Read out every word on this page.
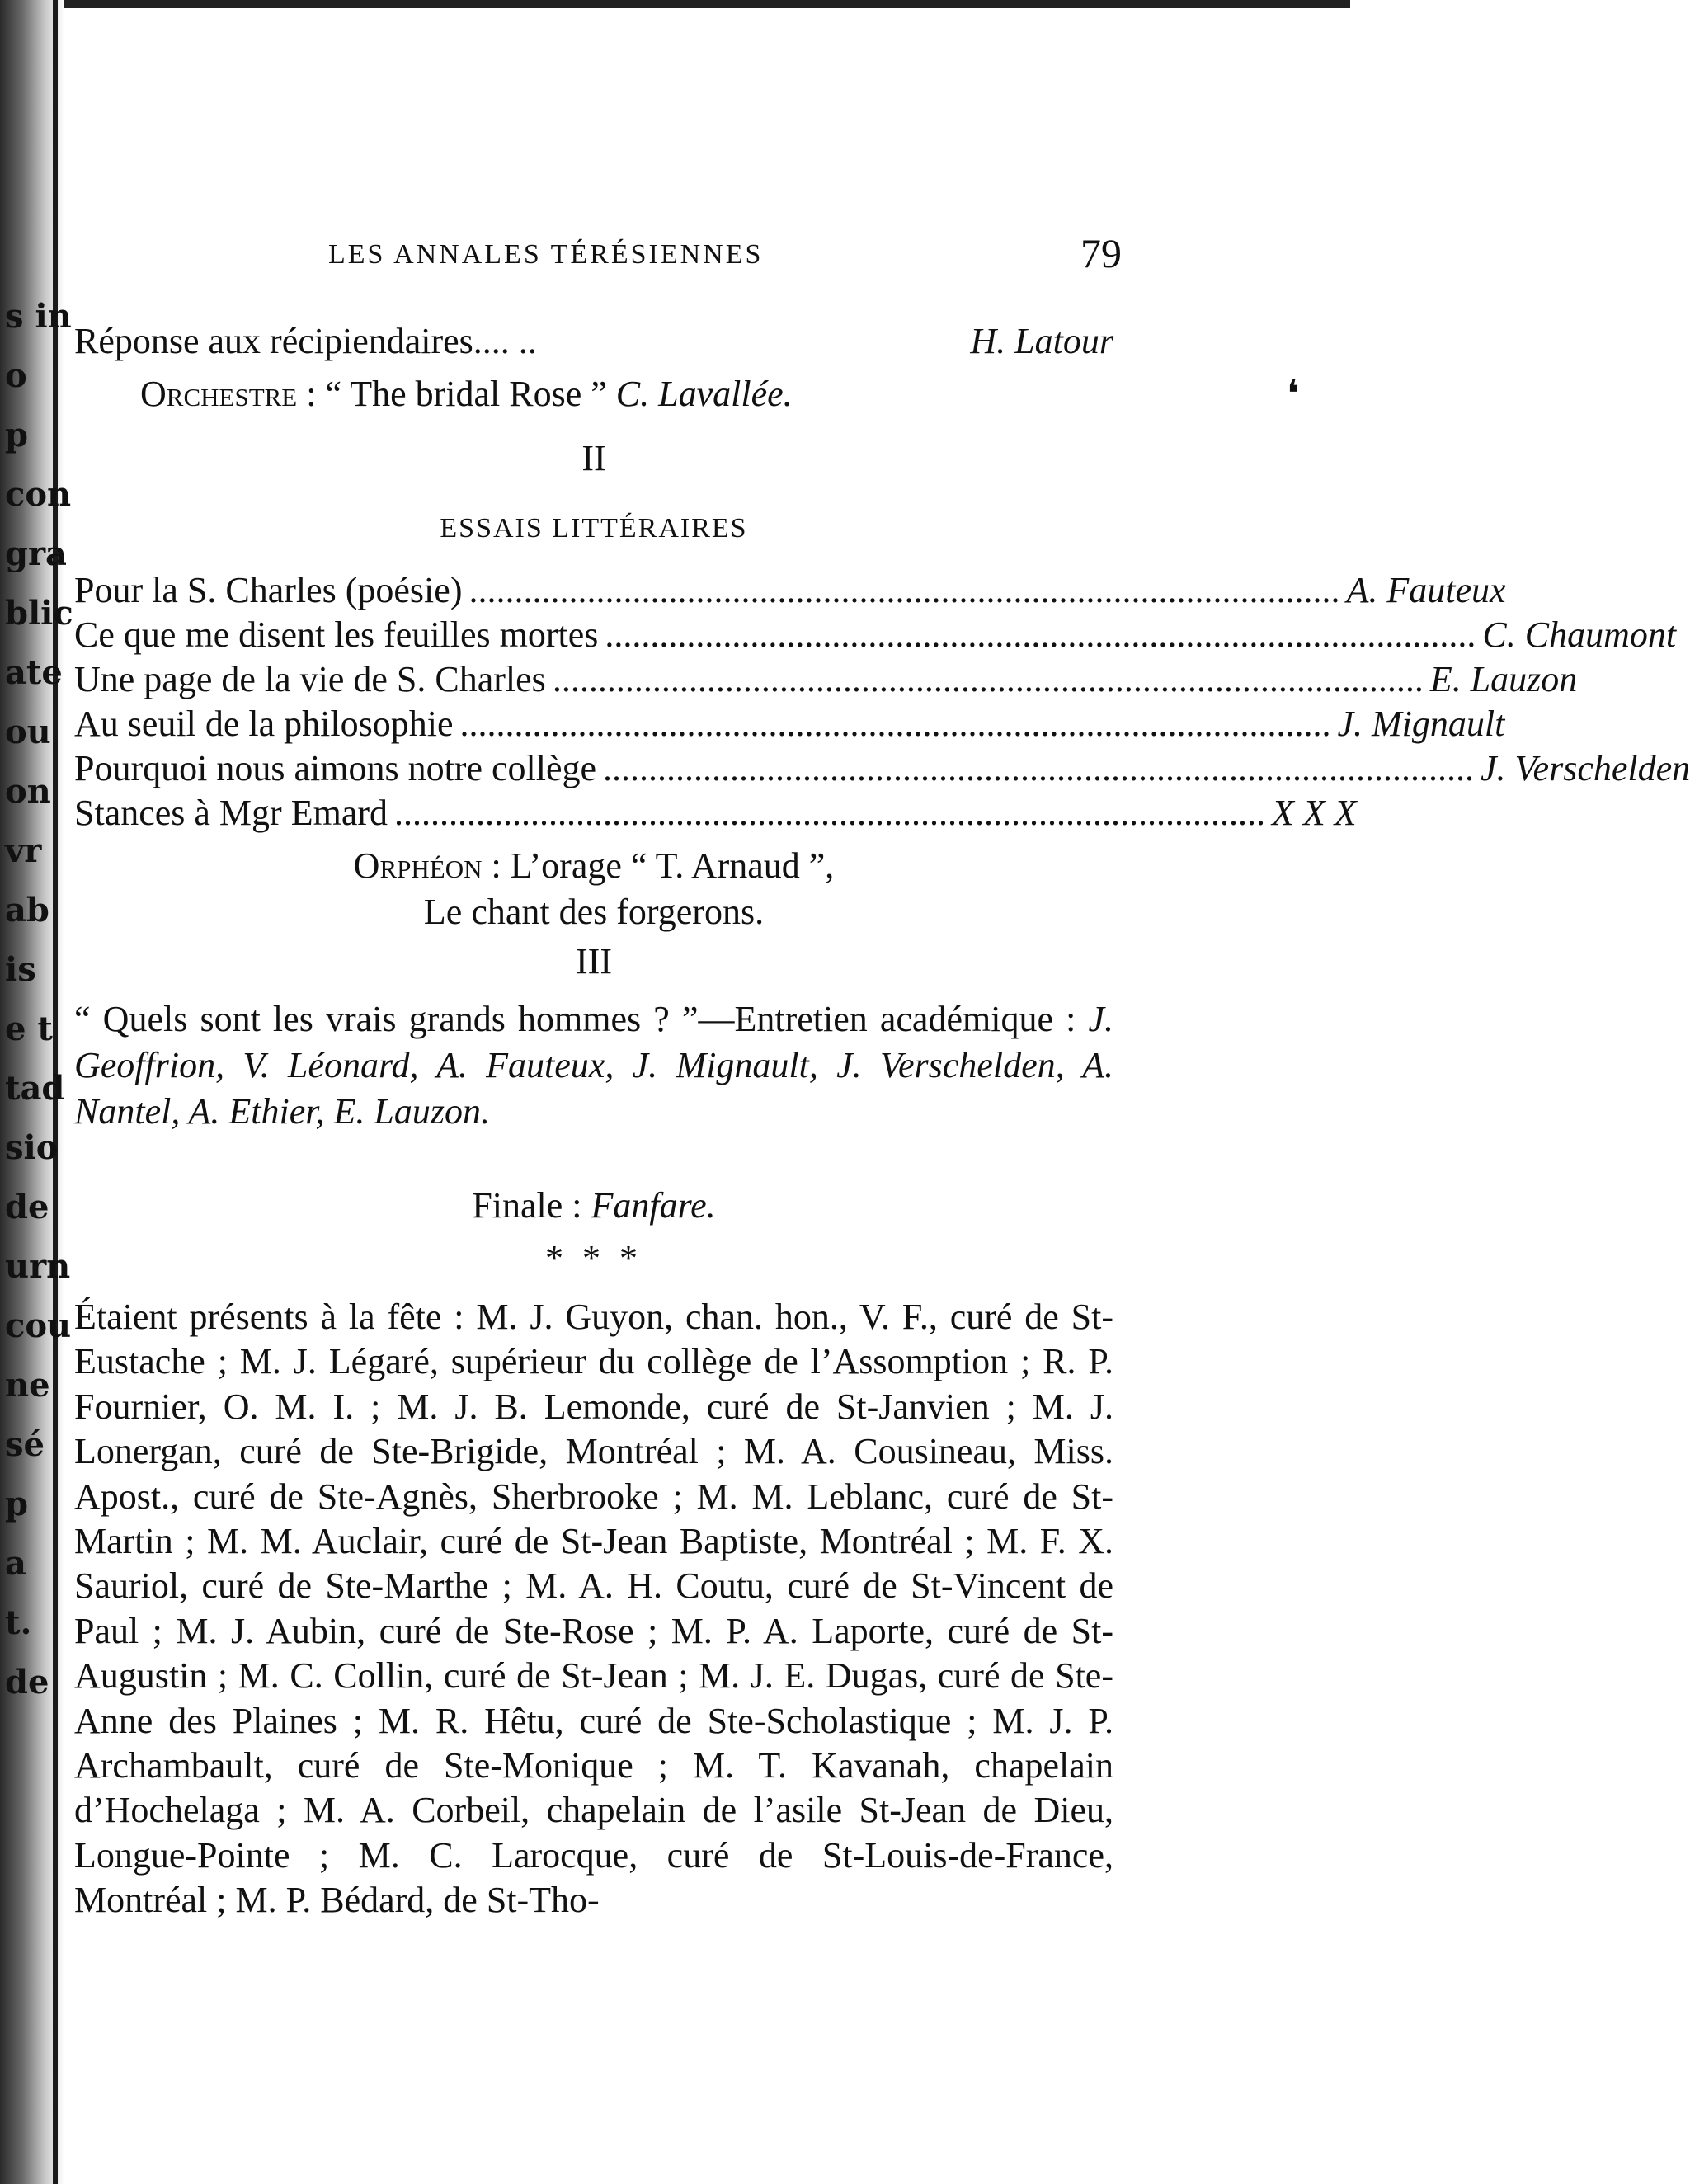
❛
s in
o
p
con
gra
blic
ate
ou
on
vr
ab
is
e t
tad
sio
de
urn
cou
ne
sé
p
a
t.
de
LES ANNALES TÉRÉSIENNES	79
Réponse aux récipiendaires.... ..	H. Latour
Orchestre : “ The bridal Rose ” C. Lavallée.
II
ESSAIS LITTÉRAIRES
Pour la S. Charles (poésie) .....	A. Fauteux
Ce que me disent les feuilles mortes .....	C. Chaumont
Une page de la vie de S. Charles .....	E. Lauzon
Au seuil de la philosophie .....	J. Mignault
Pourquoi nous aimons notre collège .....	J. Verschelden
Stances à Mgr Emard .....	X X X
Orphéon : L’orage “ T. Arnaud ”,
Le chant des forgerons.
III
“ Quels sont les vrais grands hommes ? ”—Entretien académique : J. Geoffrion, V. Léonard, A. Fauteux, J. Mignault, J. Verschelden, A. Nantel, A. Ethier, E. Lauzon.
Finale : Fanfare.
* * *
Étaient présents à la fête : M. J. Guyon, chan. hon., V. F., curé de St-Eustache ; M. J. Légaré, supérieur du collège de l’Assomption ; R. P. Fournier, O. M. I. ; M. J. B. Lemonde, curé de St-Janvien ; M. J. Lonergan, curé de Ste-Brigide, Montréal ; M. A. Cousineau, Miss. Apost., curé de Ste-Agnès, Sherbrooke ; M. M. Leblanc, curé de St-Martin ; M. M. Auclair, curé de St-Jean Baptiste, Montréal ; M. F. X. Sauriol, curé de Ste-Marthe ; M. A. H. Coutu, curé de St-Vincent de Paul ; M. J. Aubin, curé de Ste-Rose ; M. P. A. Laporte, curé de St-Augustin ; M. C. Collin, curé de St-Jean ; M. J. E. Dugas, curé de Ste-Anne des Plaines ; M. R. Hêtu, curé de Ste-Scholastique ; M. J. P. Archambault, curé de Ste-Monique ; M. T. Kavanah, chapelain d’Hochelaga ; M. A. Corbeil, chapelain de l’asile St-Jean de Dieu, Longue-Pointe ; M. C. Larocque, curé de St-Louis-de-France, Montréal ; M. P. Bédard, de St-Tho-
